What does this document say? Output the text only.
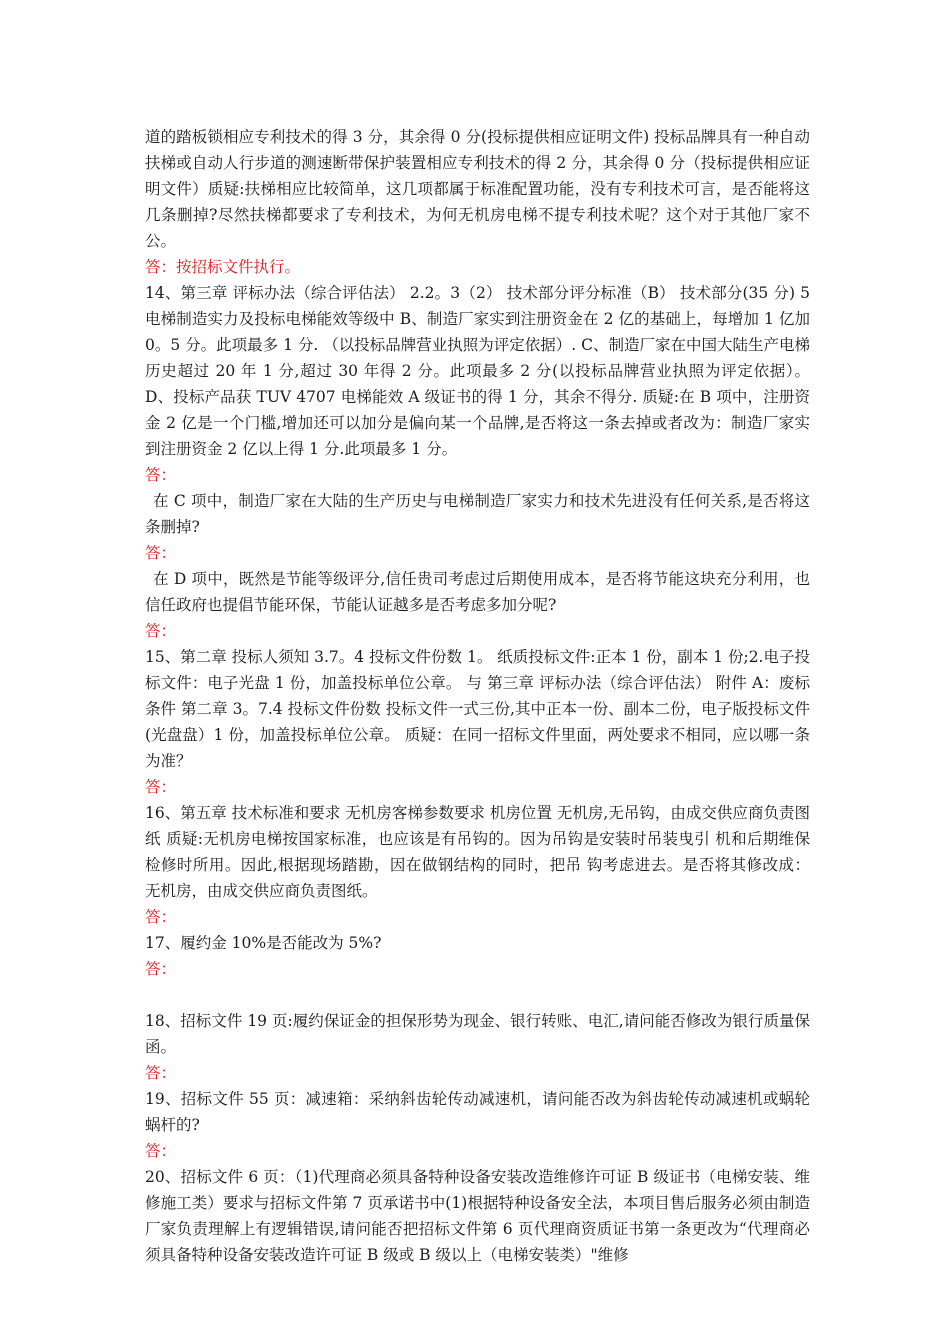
道的踏板锁相应专利技术的得 3 分，其余得 0 分(投标提供相应证明文件) 投标品牌具有一种自动扶梯或自动人行步道的测速断带保护装置相应专利技术的得 2 分，其余得 0 分（投标提供相应证明文件）质疑:扶梯相应比较简单，这几项都属于标准配置功能，没有专利技术可言，是否能将这几条删掉?尽然扶梯都要求了专利技术，为何无机房电梯不提专利技术呢？这个对于其他厂家不公。

答：按招标文件执行。

14、第三章 评标办法（综合评估法） 2.2。3（2） 技术部分评分标准（B） 技术部分(35 分) 5 电梯制造实力及投标电梯能效等级中 B、制造厂家实到注册资金在 2 亿的基础上，每增加 1 亿加 0。5 分。此项最多 1 分. （以投标品牌营业执照为评定依据）. C、制造厂家在中国大陆生产电梯历史超过 20 年 1 分,超过 30 年得 2 分。此项最多 2 分(以投标品牌营业执照为评定依据）。 D、投标产品获 TUV 4707 电梯能效 A 级证书的得 1 分，其余不得分. 质疑:在 B 项中，注册资金 2 亿是一个门槛,增加还可以加分是偏向某一个品牌,是否将这一条去掉或者改为：制造厂家实到注册资金 2 亿以上得 1 分.此项最多 1 分。

答：

在 C 项中，制造厂家在大陆的生产历史与电梯制造厂家实力和技术先进没有任何关系,是否将这条删掉?

答：

在 D 项中，既然是节能等级评分,信任贵司考虑过后期使用成本，是否将节能这块充分利用，也信任政府也提倡节能环保，节能认证越多是否考虑多加分呢?

答：

15、第二章 投标人须知 3.7。4 投标文件份数 1。 纸质投标文件:正本 1 份，副本 1 份;2.电子投标文件：电子光盘 1 份，加盖投标单位公章。 与 第三章 评标办法（综合评估法） 附件 A：废标条件 第二章 3。7.4 投标文件份数 投标文件一式三份,其中正本一份、副本二份，电子版投标文件(光盘盘）1 份，加盖投标单位公章。 质疑：在同一招标文件里面，两处要求不相同，应以哪一条为准？

答：

16、第五章 技术标准和要求 无机房客梯参数要求 机房位置 无机房,无吊钩，由成交供应商负责图纸 质疑:无机房电梯按国家标准，也应该是有吊钩的。因为吊钩是安装时吊装曳引 机和后期维保检修时所用。因此,根据现场踏勘，因在做钢结构的同时，把吊 钩考虑进去。是否将其修改成： 无机房，由成交供应商负责图纸。

答：

17、履约金 10%是否能改为 5%?

答：

18、招标文件 19 页:履约保证金的担保形势为现金、银行转账、电汇,请问能否修改为银行质量保函。

答：

19、招标文件 55 页：减速箱：采纳斜齿轮传动减速机，请问能否改为斜齿轮传动减速机或蜗轮蜗杆的?

答：

20、招标文件 6 页：（1)代理商必须具备特种设备安装改造维修许可证 B 级证书（电梯安装、维修施工类）要求与招标文件第 7 页承诺书中(1)根据特种设备安全法，本项目售后服务必须由制造厂家负责理解上有逻辑错误,请问能否把招标文件第 6 页代理商资质证书第一条更改为“代理商必须具备特种设备安装改造许可证 B 级或 B 级以上（电梯安装类）"维修
